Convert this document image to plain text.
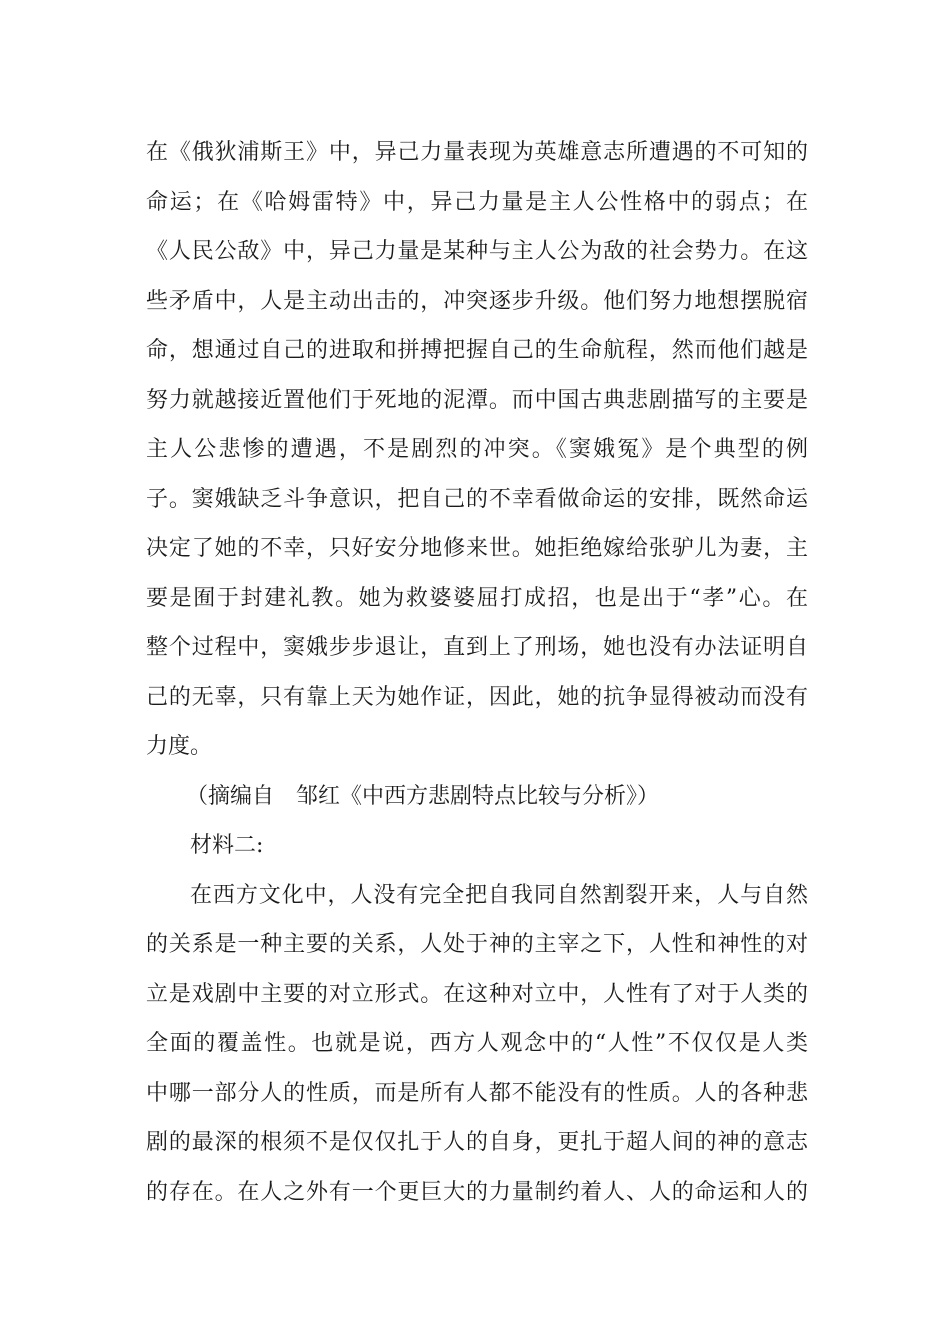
在《俄狄浦斯王》中，异己力量表现为英雄意志所遭遇的不可知的
命运；在《哈姆雷特》中，异己力量是主人公性格中的弱点；在
《人民公敌》中，异己力量是某种与主人公为敌的社会势力。在这
些矛盾中，人是主动出击的，冲突逐步升级。他们努力地想摆脱宿
命，想通过自己的进取和拼搏把握自己的生命航程，然而他们越是
努力就越接近置他们于死地的泥潭。而中国古典悲剧描写的主要是
主人公悲惨的遭遇，不是剧烈的冲突。《窦娥冤》是个典型的例
子。窦娥缺乏斗争意识，把自己的不幸看做命运的安排，既然命运
决定了她的不幸，只好安分地修来世。她拒绝嫁给张驴儿为妻，主
要是囿于封建礼教。她为救婆婆屈打成招，也是出于“孝”心。在
整个过程中，窦娥步步退让，直到上了刑场，她也没有办法证明自
己的无辜，只有靠上天为她作证，因此，她的抗争显得被动而没有
力度。
（摘编自　邹红《中西方悲剧特点比较与分析》）
材料二:
在西方文化中，人没有完全把自我同自然割裂开来，人与自然
的关系是一种主要的关系，人处于神的主宰之下，人性和神性的对
立是戏剧中主要的对立形式。在这种对立中，人性有了对于人类的
全面的覆盖性。也就是说，西方人观念中的“人性”不仅仅是人类
中哪一部分人的性质，而是所有人都不能没有的性质。人的各种悲
剧的最深的根须不是仅仅扎于人的自身，更扎于超人间的神的意志
的存在。在人之外有一个更巨大的力量制约着人、人的命运和人的
